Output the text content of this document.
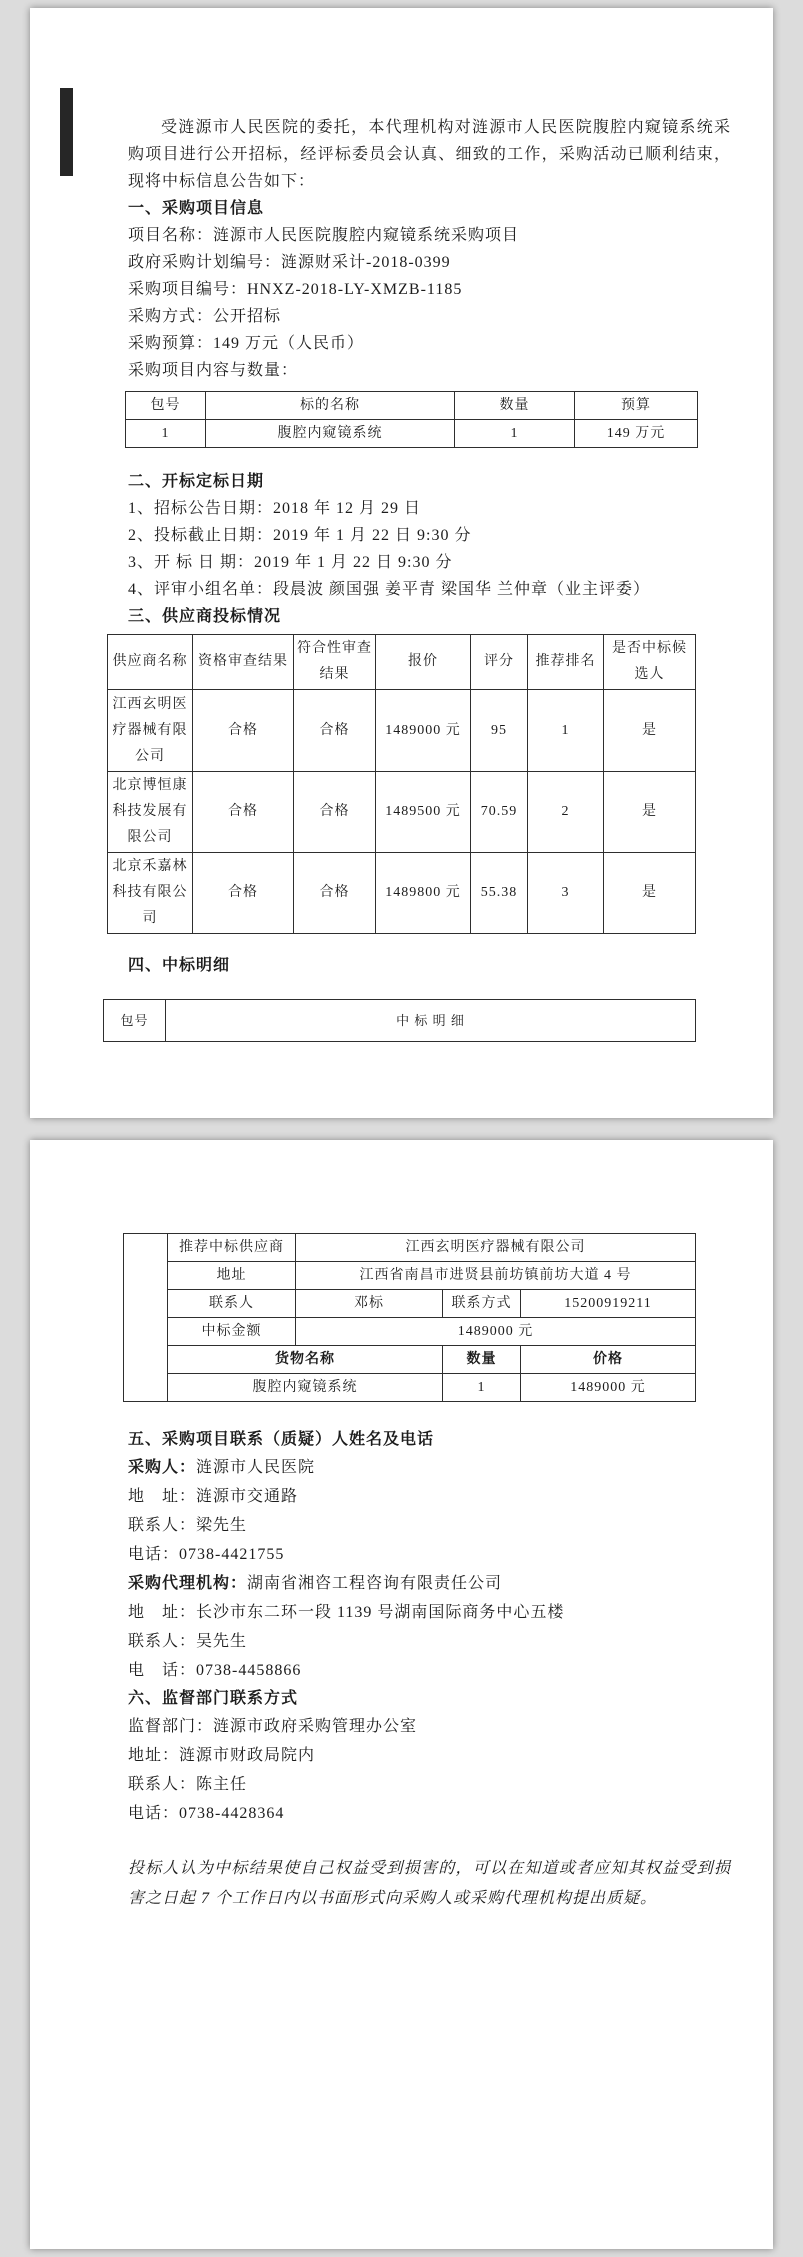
受涟源市人民医院的委托，本代理机构对涟源市人民医院腹腔内窥镜系统采购项目进行公开招标，经评标委员会认真、细致的工作，采购活动已顺利结束，现将中标信息公告如下：

一、采购项目信息

项目名称：涟源市人民医院腹腔内窥镜系统采购项目

政府采购计划编号：涟源财采计-2018-0399

采购项目编号：HNXZ-2018-LY-XMZB-1185

采购方式：公开招标

采购预算：149 万元（人民币）

采购项目内容与数量：

包号	标的名称	数量	预算
1	腹腔内窥镜系统	1	149 万元

二、开标定标日期

1、招标公告日期：2018 年 12 月 29 日

2、投标截止日期：2019 年 1 月 22 日 9:30 分

3、开 标 日 期：2019 年 1 月 22 日 9:30 分

4、评审小组名单：段晨波 颜国强 姜平青 梁国华 兰仲章（业主评委）

三、供应商投标情况

供应商名称	资格审查结果	符合性审查结果	报价	评分	推荐排名	是否中标候选人
江西玄明医疗器械有限公司	合格	合格	1489000 元	95	1	是
北京博恒康科技发展有限公司	合格	合格	1489500 元	70.59	2	是
北京禾嘉林科技有限公司	合格	合格	1489800 元	55.38	3	是

四、中标明细

包号	中 标 明 细
	推荐中标供应商	江西玄明医疗器械有限公司		
	地址	江西省南昌市进贤县前坊镇前坊大道 4 号		
	联系人	邓标	联系方式	15200919211
	中标金额	1489000 元		
	货物名称		数量	价格
	腹腔内窥镜系统		1	1489000 元

五、采购项目联系（质疑）人姓名及电话

采购人：涟源市人民医院

地　址：涟源市交通路

联系人：梁先生

电话：0738-4421755

采购代理机构：湖南省湘咨工程咨询有限责任公司

地　址：长沙市东二环一段 1139 号湖南国际商务中心五楼

联系人：吴先生

电　话：0738-4458866

六、监督部门联系方式

监督部门：涟源市政府采购管理办公室

地址：涟源市财政局院内

联系人：陈主任

电话：0738-4428364

投标人认为中标结果使自己权益受到损害的，可以在知道或者应知其权益受到损害之日起 7 个工作日内以书面形式向采购人或采购代理机构提出质疑。
